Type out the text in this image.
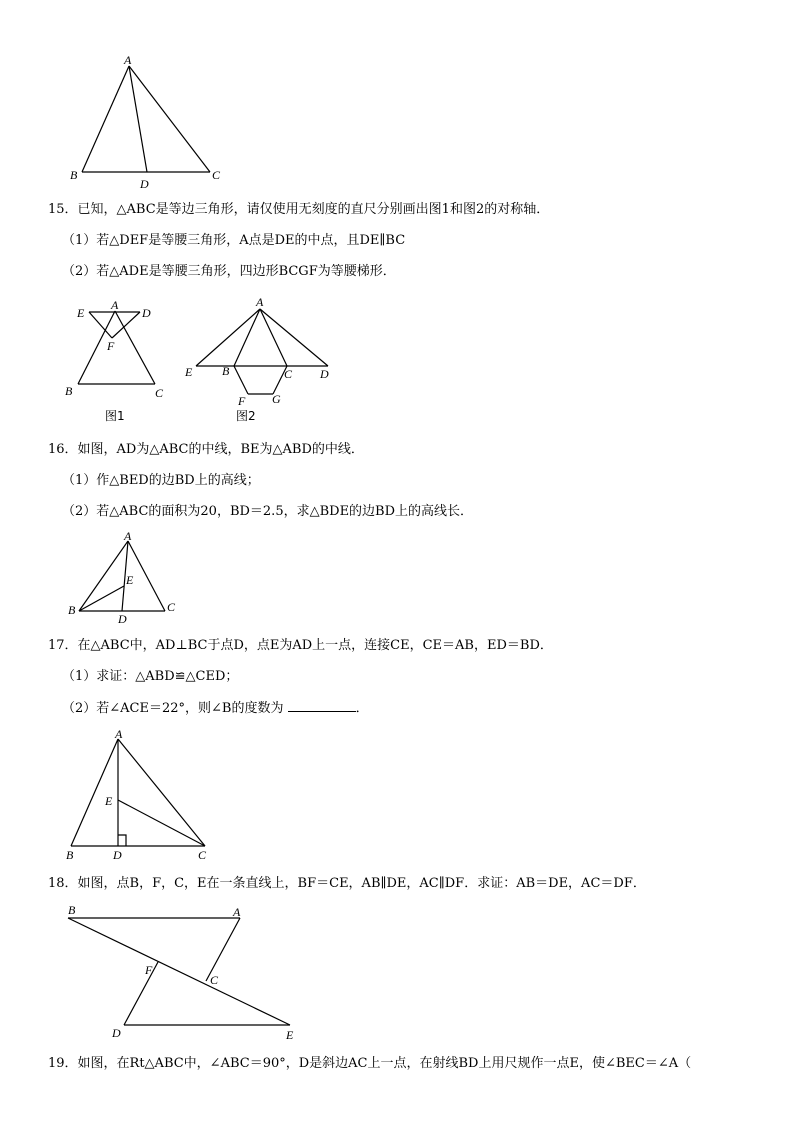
A
B
D
C
15．已知，△ABC是等边三角形，请仅使用无刻度的直尺分别画出图1和图2的对称轴．
（1）若△DEF是等腰三角形，A点是DE的中点，且DE∥BC
（2）若△ADE是等腰三角形，四边形BCGF为等腰梯形．
E
A
D
F
B	C
图1
A
E B	C D
F G
图2
16．如图，AD为△ABC的中线，BE为△ABD的中线．
（1）作△BED的边BD上的高线；
（2）若△ABC的面积为20，BD＝2.5，求△BDE的边BD上的高线长．
A
E
B
D
C
17．在△ABC中，AD⊥BC于点D，点E为AD上一点，连接CE，CE＝AB，ED＝BD．
（1）求证：△ABD≌△CED；
（2）若∠ACE＝22°，则∠B的度数为	．
A
E
B	D	C
18．如图，点B，F，C，E在一条直线上，BF＝CE，AB∥DE，AC∥DF．求证：AB＝DE，AC＝DF．
B	A
F
C
D	E
19．如图，在Rt△ABC中，∠ABC＝90°，D是斜边AC上一点，在射线BD上用尺规作一点E，使∠BEC＝∠A（
